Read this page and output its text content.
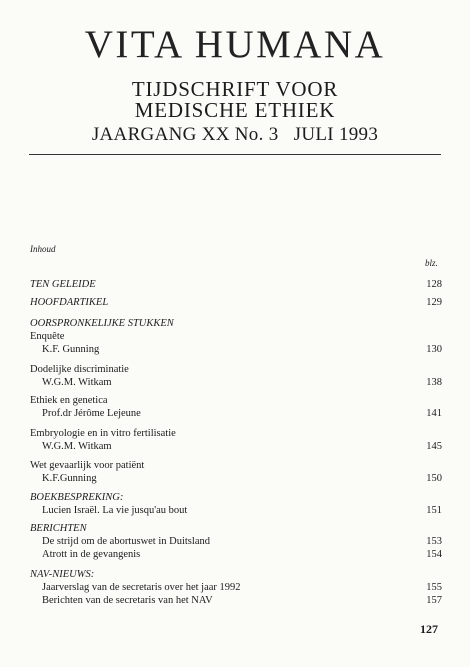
VITA HUMANA
TIJDSCHRIFT VOOR
MEDISCHE ETHIEK
JAARGANG XX No. 3   JULI 1993
Inhoud
blz.
TEN GELEIDE	128
HOOFDARTIKEL	129
OORSPRONKELIJKE STUKKEN
Enquête
K.F. Gunning	130
Dodelijke discriminatie
W.G.M. Witkam	138
Ethiek en genetica
Prof.dr Jérôme Lejeune	141
Embryologie en in vitro fertilisatie
W.G.M. Witkam	145
Wet gevaarlijk voor patiënt
K.F.Gunning	150
BOEKBESPREKING:
Lucien Israël. La vie jusqu'au bout	151
BERICHTEN
De strijd om de abortuswet in Duitsland	153
Atrott in de gevangenis	154
NAV-NIEUWS:
Jaarverslag van de secretaris over het jaar 1992	155
Berichten van de secretaris van het NAV	157
127
